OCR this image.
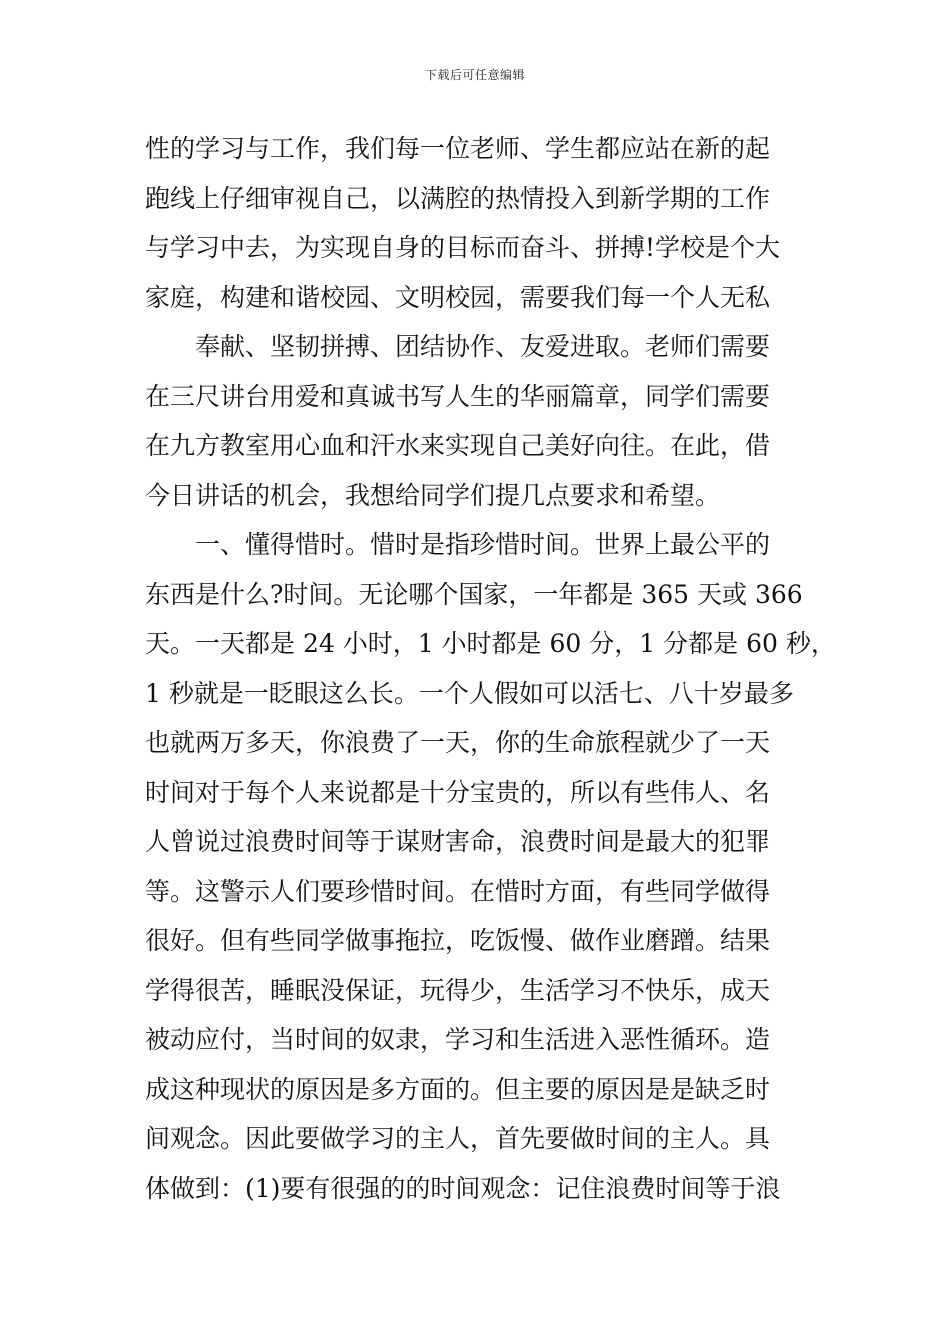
下载后可任意编辑
性的学习与工作，我们每一位老师、学生都应站在新的起
跑线上仔细审视自己，以满腔的热情投入到新学期的工作
与学习中去，为实现自身的目标而奋斗、拼搏!学校是个大
家庭，构建和谐校园、文明校园，需要我们每一个人无私
奉献、坚韧拼搏、团结协作、友爱进取。老师们需要
在三尺讲台用爱和真诚书写人生的华丽篇章，同学们需要
在九方教室用心血和汗水来实现自己美好向往。在此，借
今日讲话的机会，我想给同学们提几点要求和希望。
一、懂得惜时。惜时是指珍惜时间。世界上最公平的
东西是什么?时间。无论哪个国家，一年都是 365 天或 366
天。一天都是 24 小时，1 小时都是 60 分，1 分都是 60 秒，
1 秒就是一眨眼这么长。一个人假如可以活七、八十岁最多
也就两万多天，你浪费了一天，你的生命旅程就少了一天
时间对于每个人来说都是十分宝贵的，所以有些伟人、名
人曾说过浪费时间等于谋财害命，浪费时间是最大的犯罪
等。这警示人们要珍惜时间。在惜时方面，有些同学做得
很好。但有些同学做事拖拉，吃饭慢、做作业磨蹭。结果
学得很苦，睡眠没保证，玩得少，生活学习不快乐，成天
被动应付，当时间的奴隶，学习和生活进入恶性循环。造
成这种现状的原因是多方面的。但主要的原因是是缺乏时
间观念。因此要做学习的主人，首先要做时间的主人。具
体做到：(1)要有很强的的时间观念：记住浪费时间等于浪
